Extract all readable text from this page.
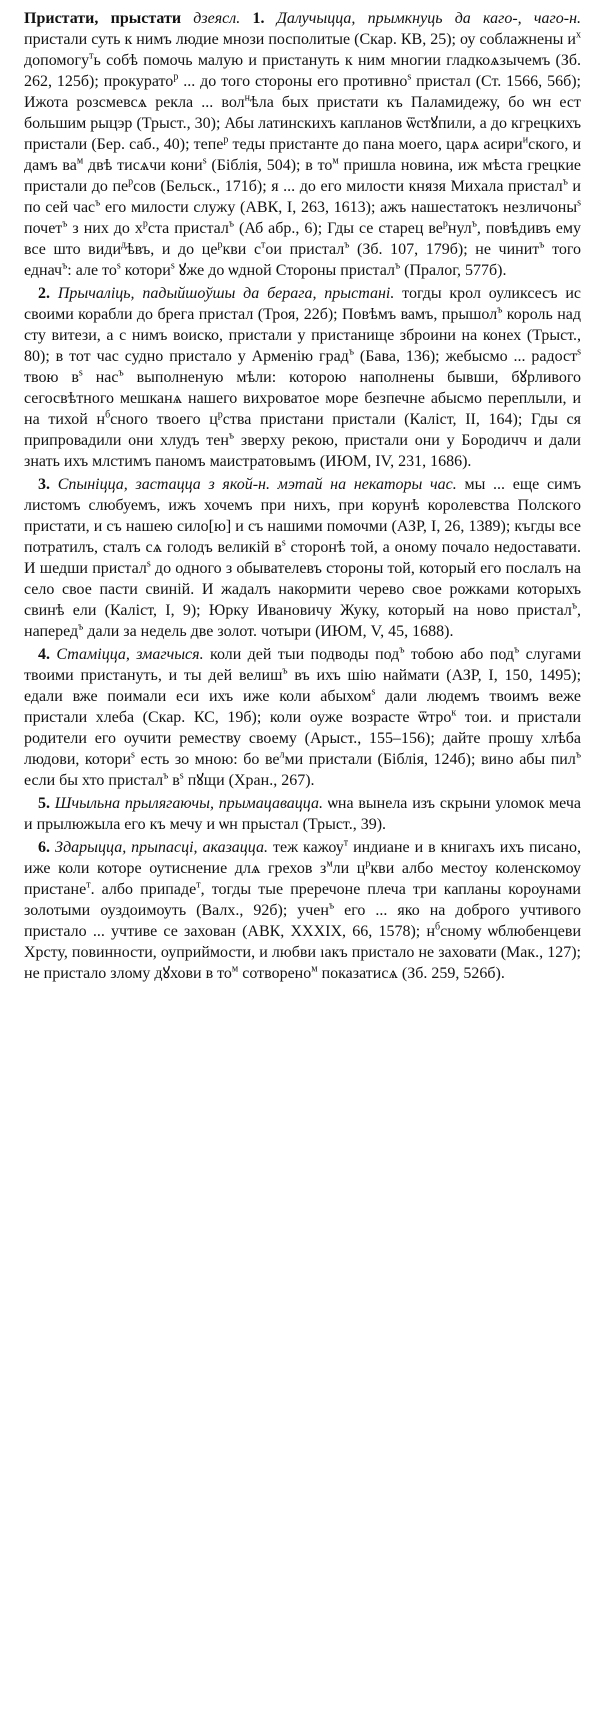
Пристати, прыстати дзеясл. 1. Далучыцца, прымкнуць да каго-, чаго-н. пристали суть к нимъ людие мнози посполитые (Скар. КВ, 25); оу соблажнены $и^х$ допомогу$^т$ь собѣ помочь малую и пристануть к ним многии гладкоѧзычемъ (Зб. 262, 125б); прокурато$^р$ ... до того стороны его противно$^s$ пристал (Ст. 1566, 56б); Ижота розсмевсѧ рекла ... вол$^н$ѣла бых пристати къ Паламидежу, бо ѡн ест большим рыцэр (Трыст., 30); Абы латинскихъ капланов ѿстꙋпили, а до кгрецкихъ пристали (Бер. саб., 40); тепе$^р$ теды пристанте до пана моего, царѧ асири$^и$ского, и дамъ $ва^м$ двѣ тисѧчи кони$^s$ (Біблія, 504); в $то^м$ пришла новина, иж мѣста грецкие пристали до $пе^рсов$ (Бельск., 171б); я ... до его милости князя Михала пристал$^ъ$ и по сей час$^ъ$ его милости служу (АВК, I, 263, 1613); ажъ нашестатокъ незличоны$^s$ почет$^ъ$ з них до $х^рста$ пристал$^ъ$ (Аб абр., 6); Гды се старец $ве^рнул^ъ$, повѣдивъ ему все што види$^д$ѣвъ, и до $це^ркви$ $с^тои$ пристал$^ъ$ (Зб. 107, 179б); не чинит$^ъ$ того еднач$^ъ$: але $то^s$ котори$^s$ ꙋже до ѡдной Стороны пристал$^ъ$ (Пралог, 577б).

2. Прычаліць, падыйшоўшы да берага, прыстані. тогды крол оуликсесъ ис своими корабли до брега пристал (Троя, 22б); Повѣмъ вамъ, прышол$^ъ$ король над сту витези, а с нимъ воиско, пристали у пристанище зброини на конех (Трыст., 80); в тот час судно пристало у Арменію град$^ъ$ (Бава, 136); жебысмо ... радост$^s$ твою $в^s$ нас$^ъ$ выполненую мѣли: которою наполнены бывши, бꙋрливого сегосвѣтного мешканѧ нашего вихроватое море безпечне абысмо переплыли, и на тихой $н^бсного$ твоего $ц^рства$ пристани пристали (Каліст, II, 164); Гды ся припровадили они хлудъ тен$^ъ$ зверху рекою, пристали они у Бородичч и дали знать ихъ млстимъ паномъ маистратовымъ (ИЮМ, IV, 231, 1686).

3. Спыніцца, застацца з якой-н. мэтай на некаторы час. мы ... еще симъ листомъ слюбуемъ, ижъ хочемъ при нихъ, при корунѣ королевства Полского пристати, и съ нашею сило[ю] и съ нашими помочми (АЗР, I, 26, 1389); къгды все потратилъ, сталъ сѧ голодъ великій $в^s$ сторонѣ той, а оному почало недоставати. И шедши пристал$^s$ до одного з обывателевъ стороны той, который его послалъ на село свое пасти свиній. И жадалъ накормити черево свое рожками которыхъ свинѣ ели (Каліст, I, 9); Юрку Ивановичу Жуку, который на ново пристал$^ъ$, наперед$^ъ$ дали за недель две золот. чотыри (ИЮМ, V, 45, 1688).

4. Стаміцца, змагчыся. коли дей тыи подводы под$^ъ$ тобою або под$^ъ$ слугами твоими пристануть, и ты дей велиш$^ъ$ въ ихъ шію наймати (АЗР, I, 150, 1495); едали вже поимали еси ихъ иже коли абыхом$^s$ дали людемъ твоимъ веже пристали хлеба (Скар. КС, 19б); коли оуже возрасте ѿтро$^к$ тои. и пристали родители его оучити реместву своему (Арыст., 155–156); дайте прошу хлѣба людови, котори$^s$ есть зо мною: бо $ве^лми$ пристали (Біблія, 124б); вино абы пил$^ъ$ если бы хто пристал$^ъ$ $в^s$ пꙋщи (Хран., 267).

5. Шчыльна прылягаючы, прымацавацца. ѡна вынела изъ скрыни уломок меча и прылюжыла его къ мечу и ѡн прыстал (Трыст., 39).

6. Здарыцца, прыпасці, аказацца. теж кажоу$^т$ индиане и в книгахъ ихъ писано, иже коли которе оутиснение длѧ грехов $з^мли$ $ц^ркви$ албо местоу коленскомоу пристане$^т$. албо припаде$^т$, тогды тые преречоне плеча три капланы короунами золотыми оуздоимоуть (Валх., 92б); учен$^ъ$ его ... яко на доброго учтивого пристало ... учтиве се захован (АВК, XXXIX, 66, 1578); $н^бсному$ ѡблюбенцеви Хрсту, повинности, оуприймости, и любви ıакъ пристало не заховати (Мак., 127); не пристало злому дꙋхови в $то^м$ сотворено$^м$ показатисѧ (Зб. 259, 526б).
